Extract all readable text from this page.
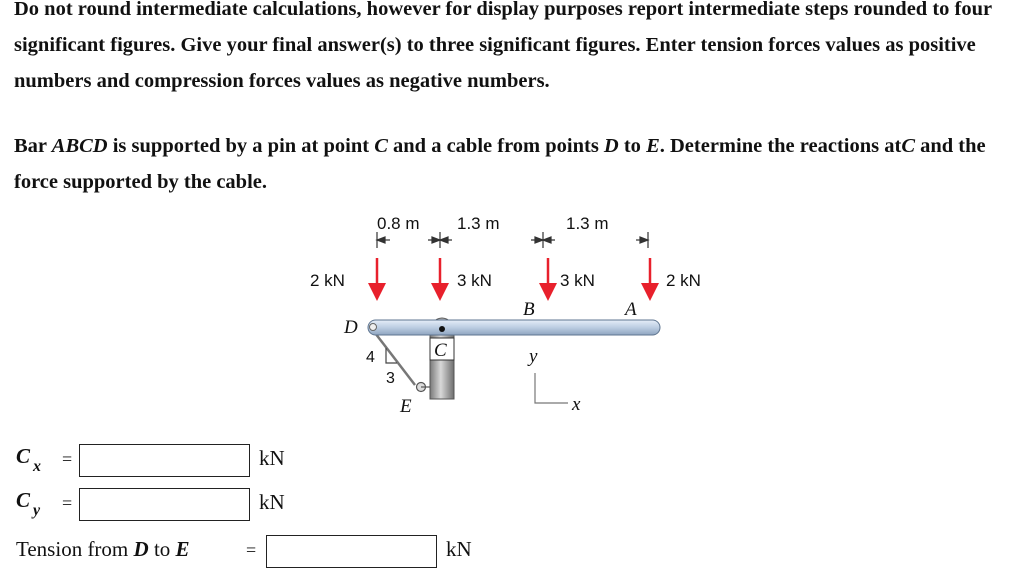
Do not round intermediate calculations, however for display purposes report intermediate steps rounded to four significant figures. Give your final answer(s) to three significant figures. Enter tension forces values as positive numbers and compression forces values as negative numbers.
Bar ABCD is supported by a pin at point C and a cable from points D to E. Determine the reactions atC and the force supported by the cable.
0.8 m 1.3 m	1.3 m
2 kN	3 kN	3 kN	2 kN
D
C
B	A
E
4
3
y
x
C $_x$ =	kN
C $_y$ =	kN
Tension from D to E	=	kN
